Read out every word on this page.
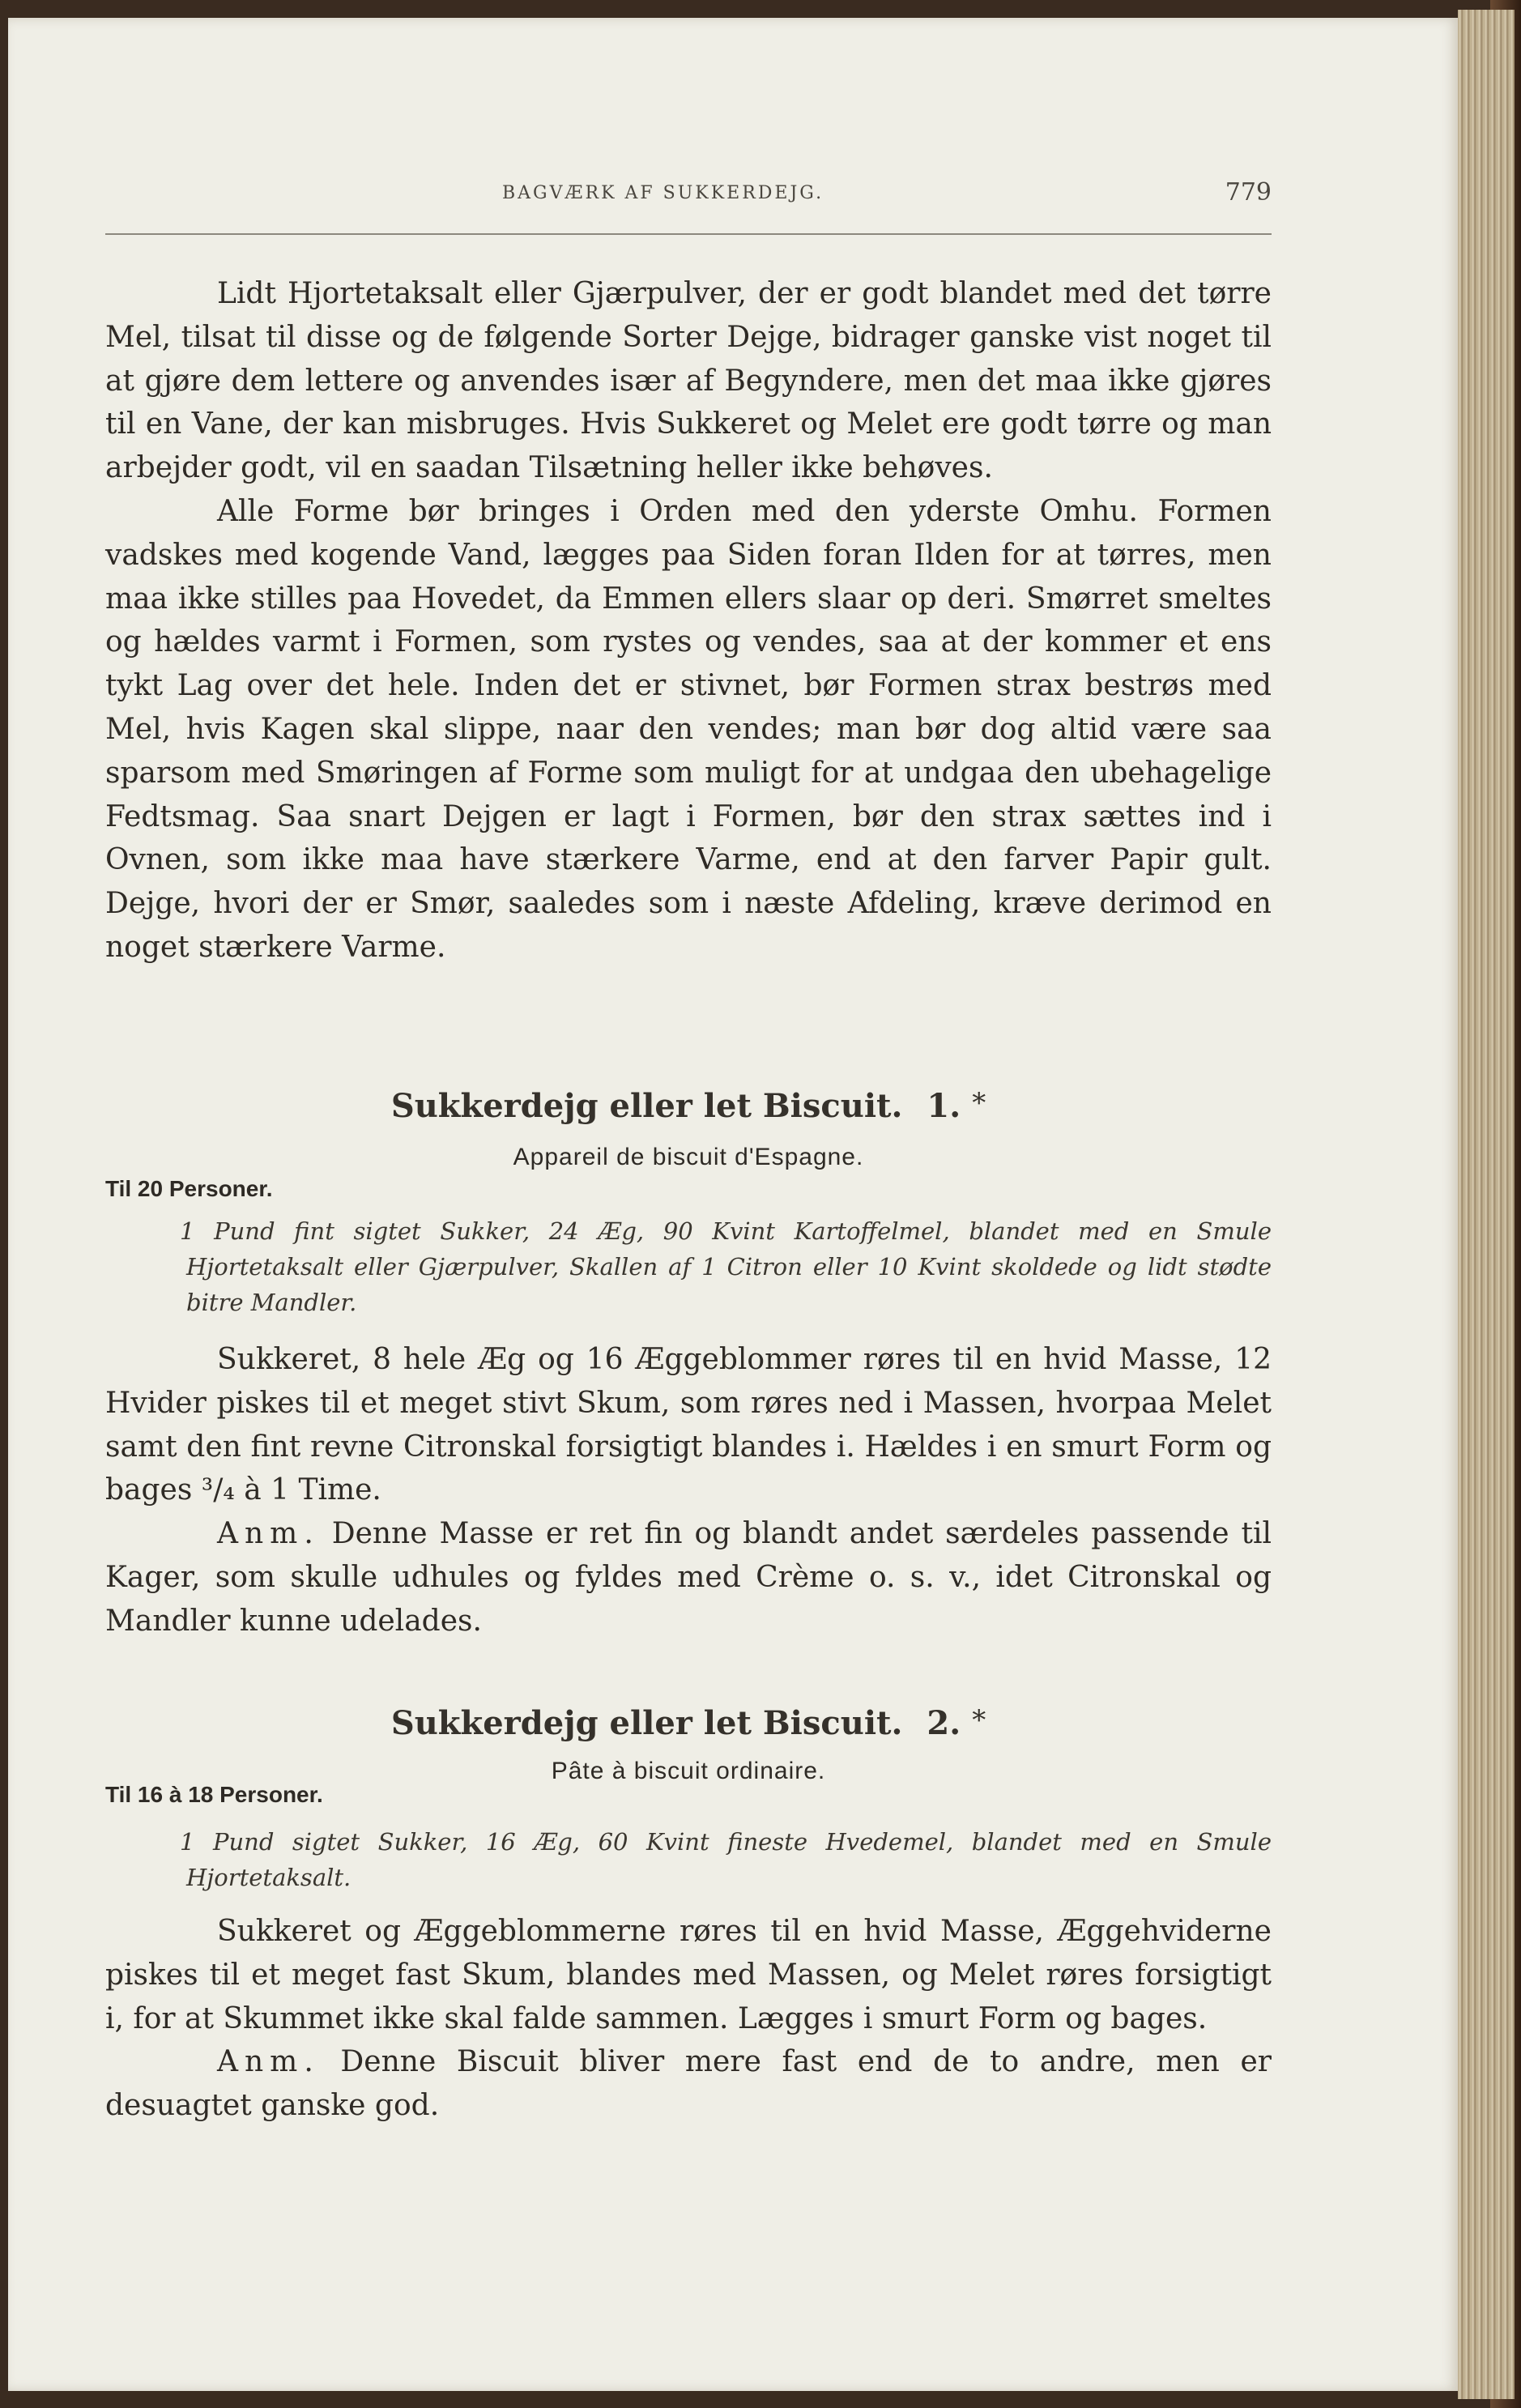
BAGVÆRK AF SUKKERDEJG.	779

Lidt Hjortetaksalt eller Gjærpulver, der er godt blandet med det tørre Mel, tilsat til disse og de følgende Sorter Dejge, bidrager ganske vist noget til at gjøre dem lettere og anvendes især af Begyndere, men det maa ikke gjøres til en Vane, der kan misbruges. Hvis Sukkeret og Melet ere godt tørre og man arbejder godt, vil en saadan Tilsætning heller ikke behøves.

Alle Forme bør bringes i Orden med den yderste Omhu. Formen vadskes med kogende Vand, lægges paa Siden foran Ilden for at tørres, men maa ikke stilles paa Hovedet, da Emmen ellers slaar op deri. Smørret smeltes og hældes varmt i Formen, som rystes og vendes, saa at der kommer et ens tykt Lag over det hele. Inden det er stivnet, bør Formen strax bestrøs med Mel, hvis Kagen skal slippe, naar den vendes; man bør dog altid være saa sparsom med Smøringen af Forme som muligt for at undgaa den ubehagelige Fedtsmag. Saa snart Dejgen er lagt i Formen, bør den strax sættes ind i Ovnen, som ikke maa have stærkere Varme, end at den farver Papir gult. Dejge, hvori der er Smør, saaledes som i næste Afdeling, kræve derimod en noget stærkere Varme.

Sukkerdejg eller let Biscuit. 1. *
Appareil de biscuit d'Espagne.
Til 20 Personer.

1 Pund fint sigtet Sukker, 24 Æg, 90 Kvint Kartoffelmel, blandet med en Smule Hjortetaksalt eller Gjærpulver, Skallen af 1 Citron eller 10 Kvint skoldede og lidt stødte bitre Mandler.

Sukkeret, 8 hele Æg og 16 Æggeblommer røres til en hvid Masse, 12 Hvider piskes til et meget stivt Skum, som røres ned i Massen, hvorpaa Melet samt den fint revne Citronskal forsigtigt blandes i. Hældes i en smurt Form og bages ³/₄ à 1 Time.

Anm. Denne Masse er ret fin og blandt andet særdeles passende til Kager, som skulle udhules og fyldes med Crème o. s. v., idet Citronskal og Mandler kunne udelades.

Sukkerdejg eller let Biscuit. 2. *
Pâte à biscuit ordinaire.
Til 16 à 18 Personer.

1 Pund sigtet Sukker, 16 Æg, 60 Kvint fineste Hvedemel, blandet med en Smule Hjortetaksalt.

Sukkeret og Æggeblommerne røres til en hvid Masse, Æggehviderne piskes til et meget fast Skum, blandes med Massen, og Melet røres forsigtigt i, for at Skummet ikke skal falde sammen. Lægges i smurt Form og bages.

Anm. Denne Biscuit bliver mere fast end de to andre, men er desuagtet ganske god.
